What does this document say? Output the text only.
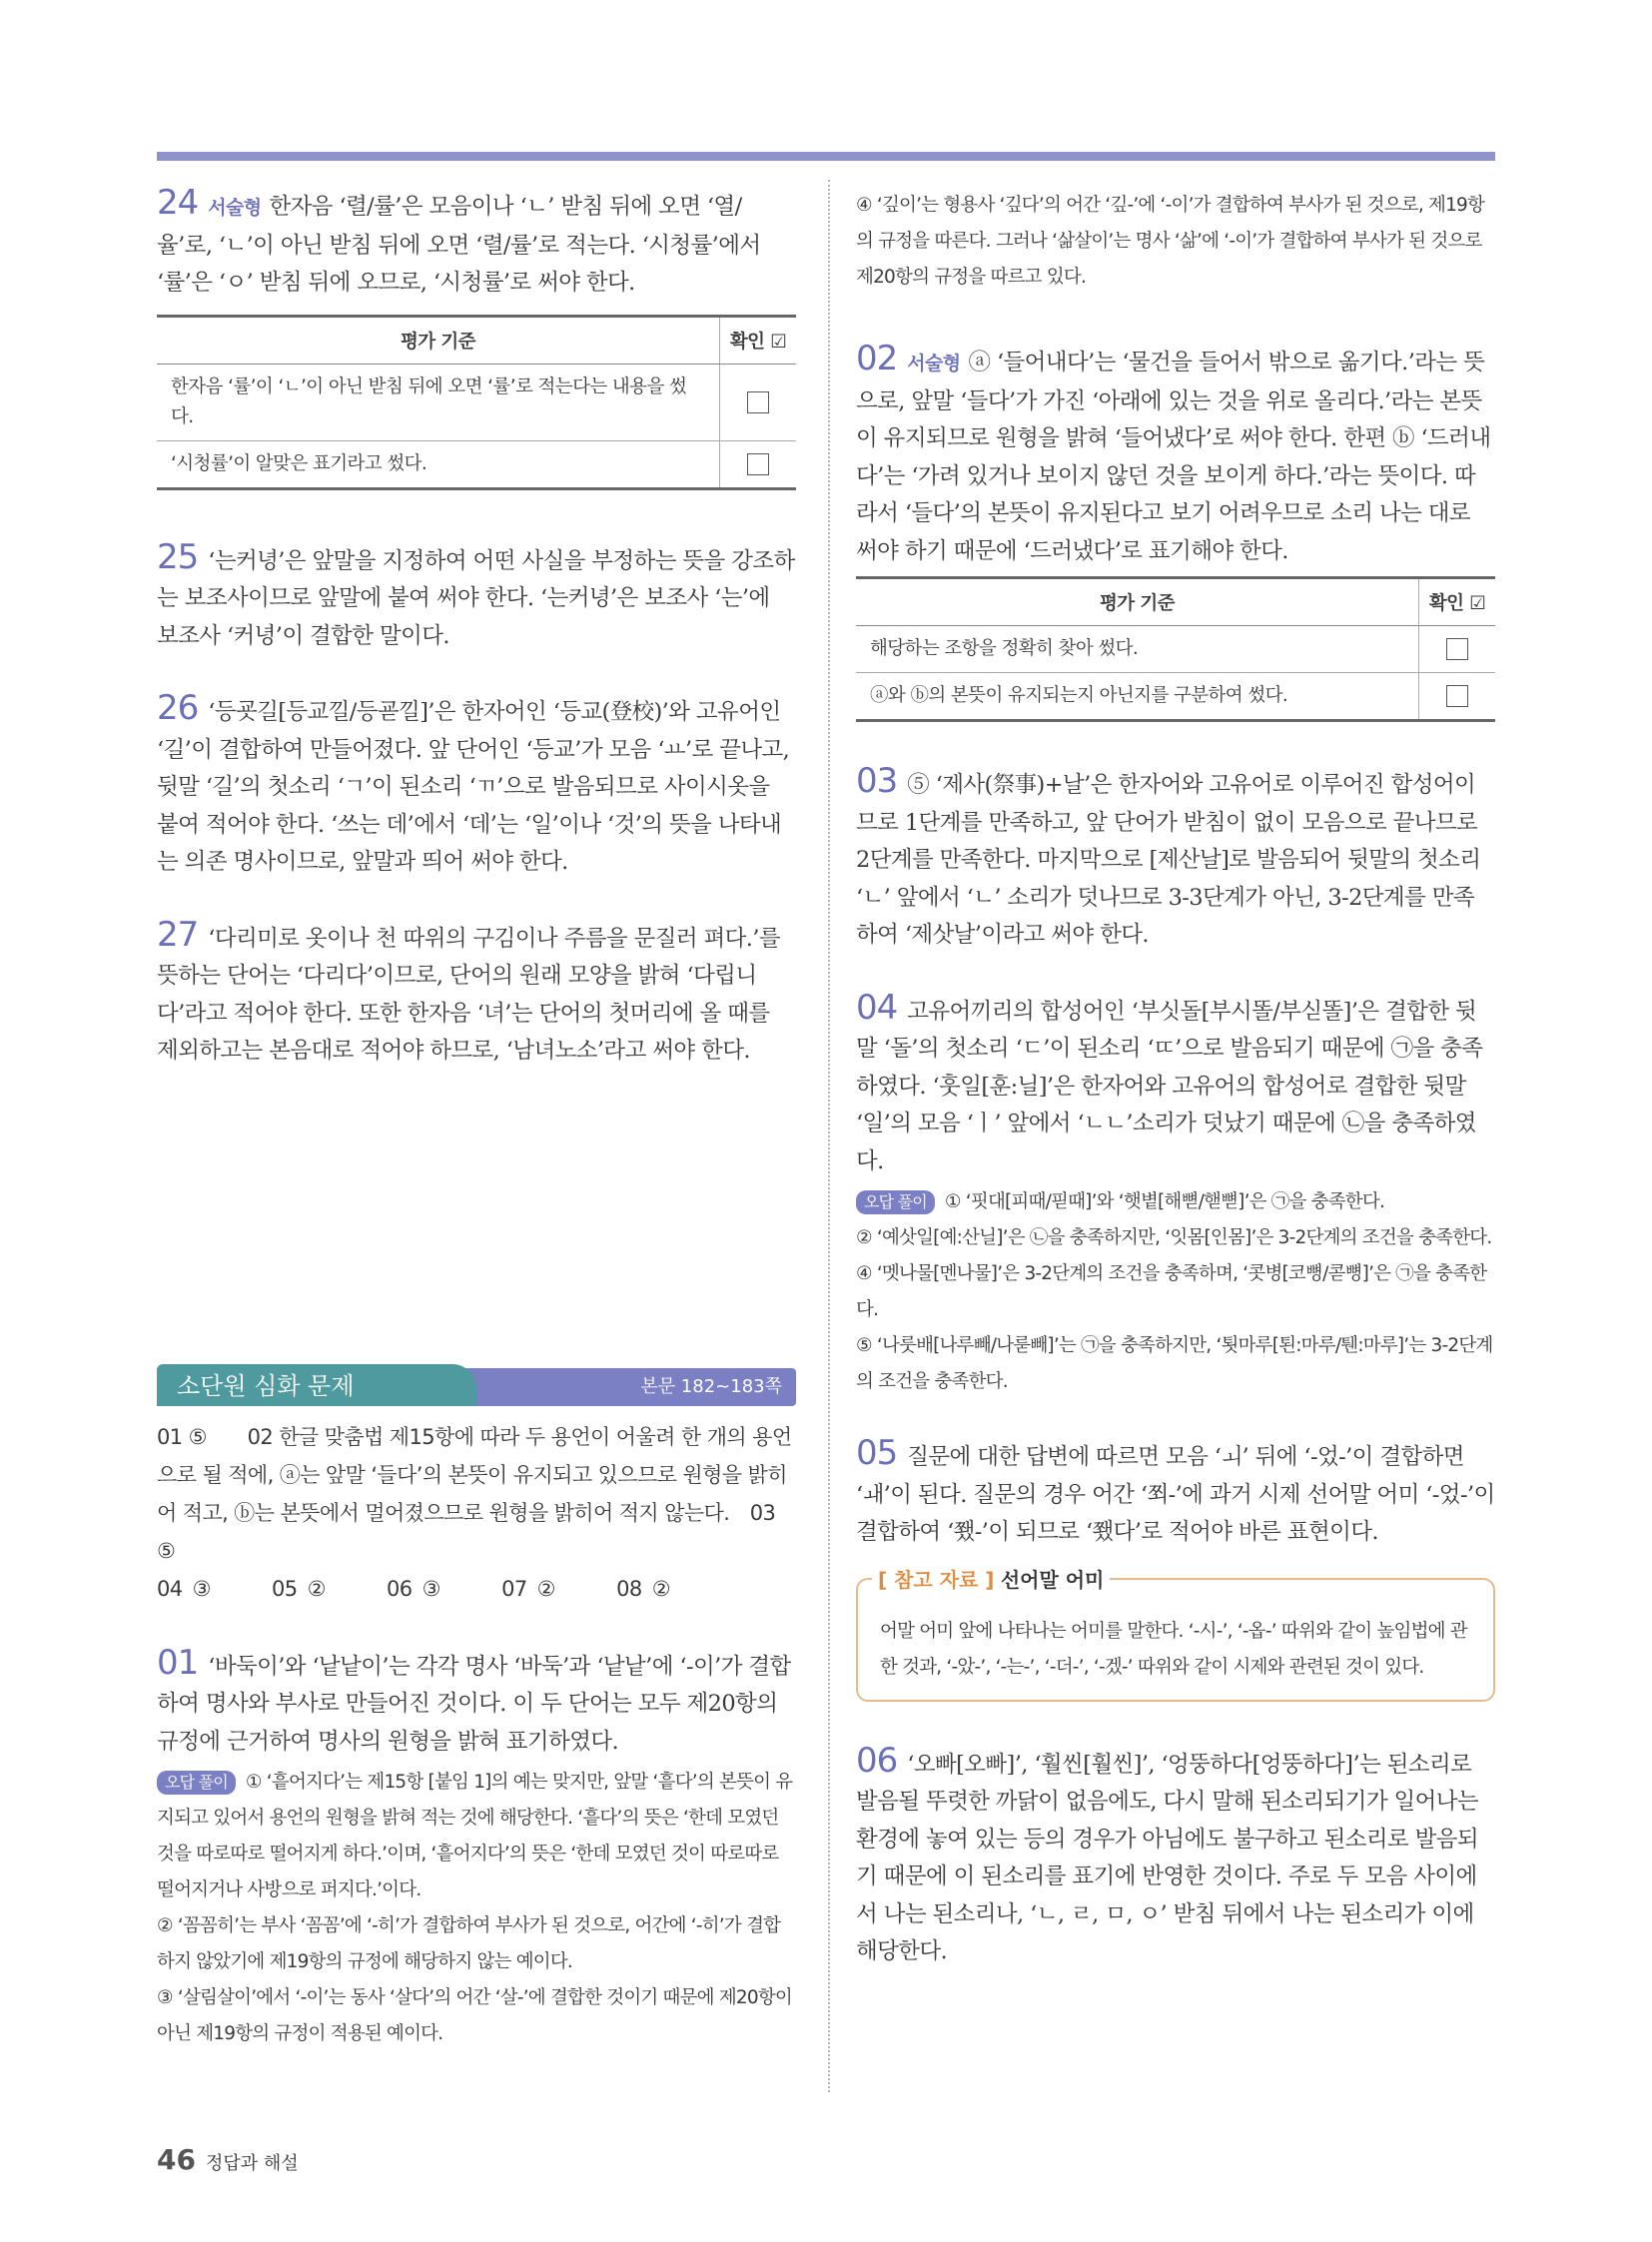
24 서술형 한자음 ‘렬/률’은 모음이나 ‘ㄴ’ 받침 뒤에 오면 ‘열/율’로, ‘ㄴ’이 아닌 받침 뒤에 오면 ‘렬/률’로 적는다. ‘시청률’에서 ‘률’은 ‘ㅇ’ 받침 뒤에 오므로, ‘시청률’로 써야 한다.

평가 기준	확인 ☑
한자음 ‘률’이 ‘ㄴ’이 아닌 받침 뒤에 오면 ‘률’로 적는다는 내용을 썼다.	
‘시청률’이 알맞은 표기라고 썼다.	

25 ‘는커녕’은 앞말을 지정하여 어떤 사실을 부정하는 뜻을 강조하는 보조사이므로 앞말에 붙여 써야 한다. ‘는커녕’은 보조사 ‘는’에 보조사 ‘커녕’이 결합한 말이다.

26 ‘등굣길[등교낄/등굗낄]’은 한자어인 ‘등교(登校)’와 고유어인 ‘길’이 결합하여 만들어졌다. 앞 단어인 ‘등교’가 모음 ‘ㅛ’로 끝나고, 뒷말 ‘길’의 첫소리 ‘ㄱ’이 된소리 ‘ㄲ’으로 발음되므로 사이시옷을 붙여 적어야 한다. ‘쓰는 데’에서 ‘데’는 ‘일’이나 ‘것’의 뜻을 나타내는 의존 명사이므로, 앞말과 띄어 써야 한다.

27 ‘다리미로 옷이나 천 따위의 구김이나 주름을 문질러 펴다.’를 뜻하는 단어는 ‘다리다’이므로, 단어의 원래 모양을 밝혀 ‘다립니다’라고 적어야 한다. 또한 한자음 ‘녀’는 단어의 첫머리에 올 때를 제외하고는 본음대로 적어야 하므로, ‘남녀노소’라고 써야 한다.

소단원 심화 문제	본문 182~183쪽

01 ⑤　　02 한글 맞춤법 제15항에 따라 두 용언이 어울려 한 개의 용언으로 될 적에, ⓐ는 앞말 ‘들다’의 본뜻이 유지되고 있으므로 원형을 밝히어 적고, ⓑ는 본뜻에서 멀어졌으므로 원형을 밝히어 적지 않는다.　03 ⑤

04 ③　　　05 ②　　　06 ③　　　07 ②　　　08 ②

01 ‘바둑이’와 ‘낱낱이’는 각각 명사 ‘바둑’과 ‘낱낱’에 ‘-이’가 결합하여 명사와 부사로 만들어진 것이다. 이 두 단어는 모두 제20항의 규정에 근거하여 명사의 원형을 밝혀 표기하였다.

오답 풀이 ① ‘흩어지다’는 제15항 [붙임 1]의 예는 맞지만, 앞말 ‘흩다’의 본뜻이 유지되고 있어서 용언의 원형을 밝혀 적는 것에 해당한다. ‘흩다’의 뜻은 ‘한데 모였던 것을 따로따로 떨어지게 하다.’이며, ‘흩어지다’의 뜻은 ‘한데 모였던 것이 따로따로 떨어지거나 사방으로 퍼지다.’이다.

② ‘꼼꼼히’는 부사 ‘꼼꼼’에 ‘-히’가 결합하여 부사가 된 것으로, 어간에 ‘-히’가 결합하지 않았기에 제19항의 규정에 해당하지 않는 예이다.

③ ‘살림살이’에서 ‘-이’는 동사 ‘살다’의 어간 ‘살-’에 결합한 것이기 때문에 제20항이 아닌 제19항의 규정이 적용된 예이다.

④ ‘깊이’는 형용사 ‘깊다’의 어간 ‘깊-’에 ‘-이’가 결합하여 부사가 된 것으로, 제19항의 규정을 따른다. 그러나 ‘삶살이’는 명사 ‘삶’에 ‘-이’가 결합하여 부사가 된 것으로 제20항의 규정을 따르고 있다.

02 서술형 ⓐ ‘들어내다’는 ‘물건을 들어서 밖으로 옮기다.’라는 뜻으로, 앞말 ‘들다’가 가진 ‘아래에 있는 것을 위로 올리다.’라는 본뜻이 유지되므로 원형을 밝혀 ‘들어냈다’로 써야 한다. 한편 ⓑ ‘드러내다’는 ‘가려 있거나 보이지 않던 것을 보이게 하다.’라는 뜻이다. 따라서 ‘들다’의 본뜻이 유지된다고 보기 어려우므로 소리 나는 대로 써야 하기 때문에 ‘드러냈다’로 표기해야 한다.

평가 기준	확인 ☑
해당하는 조항을 정확히 찾아 썼다.	
ⓐ와 ⓑ의 본뜻이 유지되는지 아닌지를 구분하여 썼다.	

03 ⑤ ‘제사(祭事)+날’은 한자어와 고유어로 이루어진 합성어이므로 1단계를 만족하고, 앞 단어가 받침이 없이 모음으로 끝나므로 2단계를 만족한다. 마지막으로 [제산날]로 발음되어 뒷말의 첫소리 ‘ㄴ’ 앞에서 ‘ㄴ’ 소리가 덧나므로 3-3단계가 아닌, 3-2단계를 만족하여 ‘제삿날’이라고 써야 한다.

04 고유어끼리의 합성어인 ‘부싯돌[부시똘/부싣똘]’은 결합한 뒷말 ‘돌’의 첫소리 ‘ㄷ’이 된소리 ‘ㄸ’으로 발음되기 때문에 ㉠을 충족하였다. ‘훗일[훈:닐]’은 한자어와 고유어의 합성어로 결합한 뒷말 ‘일’의 모음 ‘ㅣ’ 앞에서 ‘ㄴㄴ’소리가 덧났기 때문에 ㉡을 충족하였다.

오답 풀이 ① ‘핏대[피때/핃때]’와 ‘햇볕[해뼏/핻뼏]’은 ㉠을 충족한다.

② ‘예삿일[예:산닐]’은 ㉡을 충족하지만, ‘잇몸[인몸]’은 3-2단계의 조건을 충족한다.

④ ‘멧나물[멘나물]’은 3-2단계의 조건을 충족하며, ‘콧병[코뼝/콛뼝]’은 ㉠을 충족한다.

⑤ ‘나룻배[나루빼/나룯빼]’는 ㉠을 충족하지만, ‘툇마루[퇸:마루/퉨:마루]’는 3-2단계의 조건을 충족한다.

05 질문에 대한 답변에 따르면 모음 ‘ㅚ’ 뒤에 ‘-었-’이 결합하면 ‘ㅙ’이 된다. 질문의 경우 어간 ‘쬐-’에 과거 시제 선어말 어미 ‘-었-’이 결합하여 ‘쬈-’이 되므로 ‘쬈다’로 적어야 바른 표현이다.

[ 참고 자료 ] 선어말 어미

어말 어미 앞에 나타나는 어미를 말한다. ‘-시-’, ‘-옵-’ 따위와 같이 높임법에 관한 것과, ‘-았-’, ‘-는-’, ‘-더-’, ‘-겠-’ 따위와 같이 시제와 관련된 것이 있다.

06 ‘오빠[오빠]’, ‘훨씬[훨씬]’, ‘엉뚱하다[엉뚱하다]’는 된소리로 발음될 뚜렷한 까닭이 없음에도, 다시 말해 된소리되기가 일어나는 환경에 놓여 있는 등의 경우가 아님에도 불구하고 된소리로 발음되기 때문에 이 된소리를 표기에 반영한 것이다. 주로 두 모음 사이에서 나는 된소리나, ‘ㄴ, ㄹ, ㅁ, ㅇ’ 받침 뒤에서 나는 된소리가 이에 해당한다.

46 정답과 해설
